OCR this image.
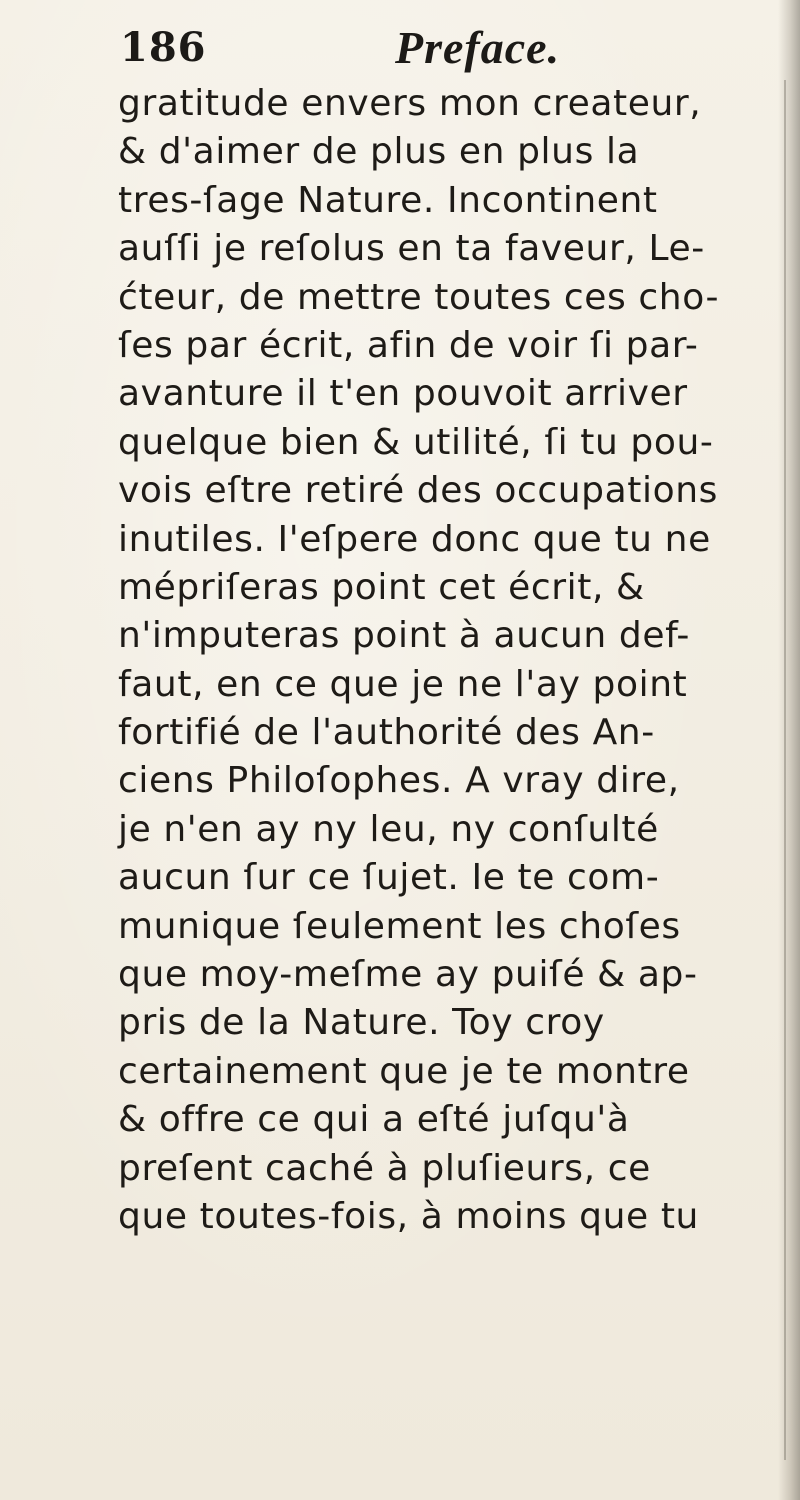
186	Preface.
gratitude envers mon createur,
& d'aimer de plus en plus la
tres-ſage Nature. Incontinent
auſſi je reſolus en ta faveur, Le-
ćteur, de mettre toutes ces cho-
ſes par écrit, afin de voir ſi par-
avanture il t'en pouvoit arriver
quelque bien & utilité, ſi tu pou-
vois eſtre retiré des occupations
inutiles. I'eſpere donc que tu ne
mépriſeras point cet écrit, &
n'imputeras point à aucun def-
faut, en ce que je ne l'ay point
fortifié de l'authorité des An-
ciens Philoſophes. A vray dire,
je n'en ay ny leu, ny conſulté
aucun ſur ce ſujet. Ie te com-
munique ſeulement les choſes
que moy-meſme ay puiſé & ap-
pris de la Nature. Toy croy
certainement que je te montre
& offre ce qui a eſté juſqu'à
preſent caché à pluſieurs, ce
que toutes-fois, à moins que tu
